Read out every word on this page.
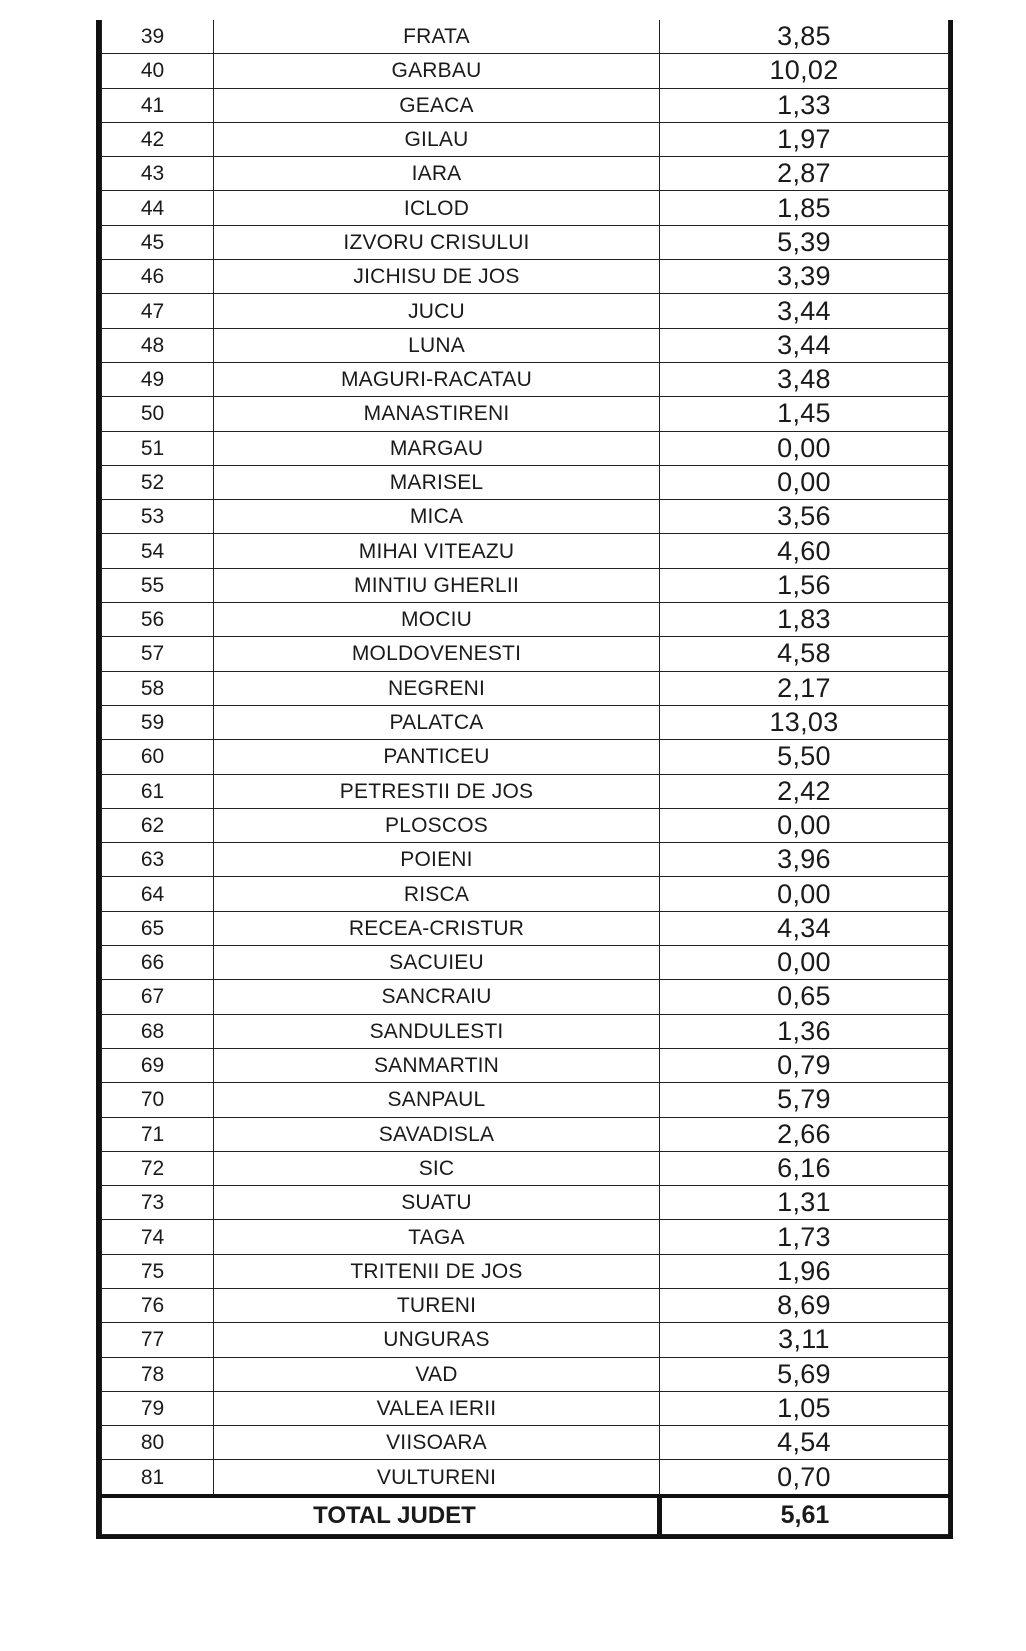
39	FRATA	3,85
40	GARBAU	10,02
41	GEACA	1,33
42	GILAU	1,97
43	IARA	2,87
44	ICLOD	1,85
45	IZVORU CRISULUI	5,39
46	JICHISU DE JOS	3,39
47	JUCU	3,44
48	LUNA	3,44
49	MAGURI-RACATAU	3,48
50	MANASTIRENI	1,45
51	MARGAU	0,00
52	MARISEL	0,00
53	MICA	3,56
54	MIHAI VITEAZU	4,60
55	MINTIU GHERLII	1,56
56	MOCIU	1,83
57	MOLDOVENESTI	4,58
58	NEGRENI	2,17
59	PALATCA	13,03
60	PANTICEU	5,50
61	PETRESTII DE JOS	2,42
62	PLOSCOS	0,00
63	POIENI	3,96
64	RISCA	0,00
65	RECEA-CRISTUR	4,34
66	SACUIEU	0,00
67	SANCRAIU	0,65
68	SANDULESTI	1,36
69	SANMARTIN	0,79
70	SANPAUL	5,79
71	SAVADISLA	2,66
72	SIC	6,16
73	SUATU	1,31
74	TAGA	1,73
75	TRITENII DE JOS	1,96
76	TURENI	8,69
77	UNGURAS	3,11
78	VAD	5,69
79	VALEA IERII	1,05
80	VIISOARA	4,54
81	VULTURENI	0,70
TOTAL JUDET		5,61
